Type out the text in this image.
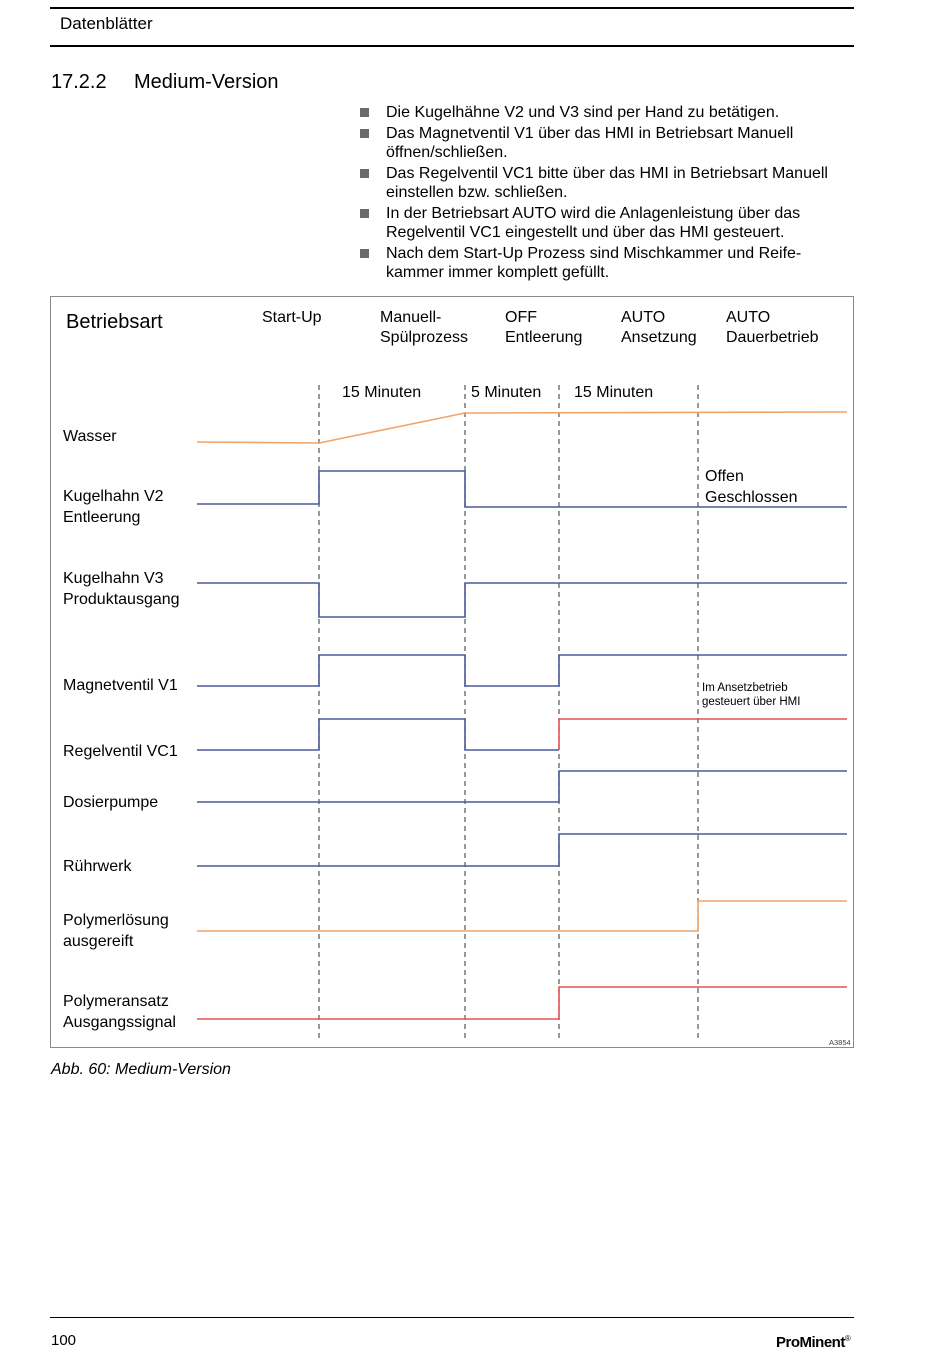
Datenblätter
17.2.2 Medium-Version
Die Kugelhähne V2 und V3 sind per Hand zu betätigen.
Das Magnetventil V1 über das HMI in Betriebsart Manuell öffnen/schließen.
Das Regelventil VC1 bitte über das HMI in Betriebsart Manuell einstellen bzw. schließen.
In der Betriebsart AUTO wird die Anlagenleistung über das Regelventil VC1 eingestellt und über das HMI gesteuert.
Nach dem Start-Up Prozess sind Mischkammer und Reife-kammer immer komplett gefüllt.
Betriebsart	Start-Up	Manuell-
Spülprozess
OFF
Entleerung
AUTO
Ansetzung
AUTO
Dauerbetrieb
15 Minuten	5 Minuten 15 Minuten
Wasser
Kugelhahn V2
Entleerung
Kugelhahn V3
Produktausgang
Magnetventil V1
Regelventil VC1
Dosierpumpe
Rührwerk
Polymerlösung
ausgereift
Polymeransatz
Ausgangssignal
Offen
Geschlossen
Im Ansetzbetrieb
gesteuert über HMI
A3854
Abb. 60: Medium-Version
100	ProMinent®
